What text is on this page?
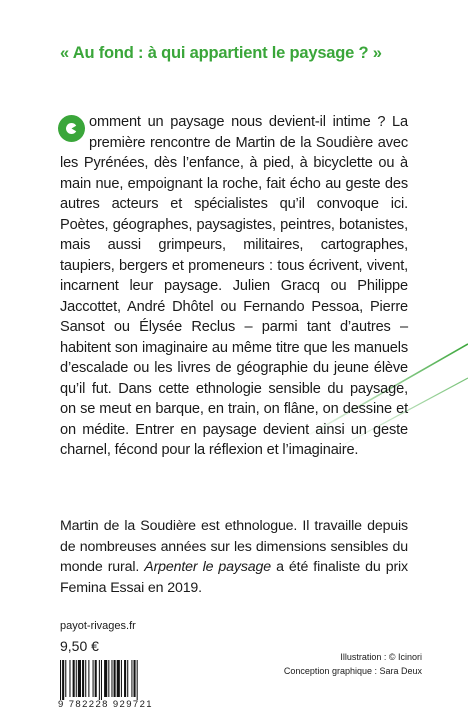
« Au fond : à qui appartient le paysage ? »
omment un paysage nous devient-il intime ? La première rencontre de Martin de la Soudière avec les Pyrénées, dès l’enfance, à pied, à bicyclette ou à main nue, empoignant la roche, fait écho au geste des autres acteurs et spécialistes qu’il convoque ici. Poètes, géographes, paysagistes, peintres, botanistes, mais aussi grimpeurs, militaires, cartographes, taupiers, bergers et promeneurs : tous écrivent, vivent, incarnent leur paysage. Julien Gracq ou Philippe Jaccottet, André Dhôtel ou Fernando Pessoa, Pierre Sansot ou Élysée Reclus – parmi tant d’autres – habitent son imaginaire au même titre que les manuels d’escalade ou les livres de géographie du jeune élève qu’il fut. Dans cette ethnologie sensible du paysage, on se meut en barque, en train, on flâne, on dessine et on médite. Entrer en paysage devient ainsi un geste charnel, fécond pour la réflexion et l’imaginaire.
Martin de la Soudière est ethnologue. Il travaille depuis de nombreuses années sur les dimensions sensibles du monde rural. Arpenter le paysage a été finaliste du prix Femina Essai en 2019.
payot-rivages.fr
9,50 €
Illustration : © Icinori
Conception graphique : Sara Deux
9 782228 929721
